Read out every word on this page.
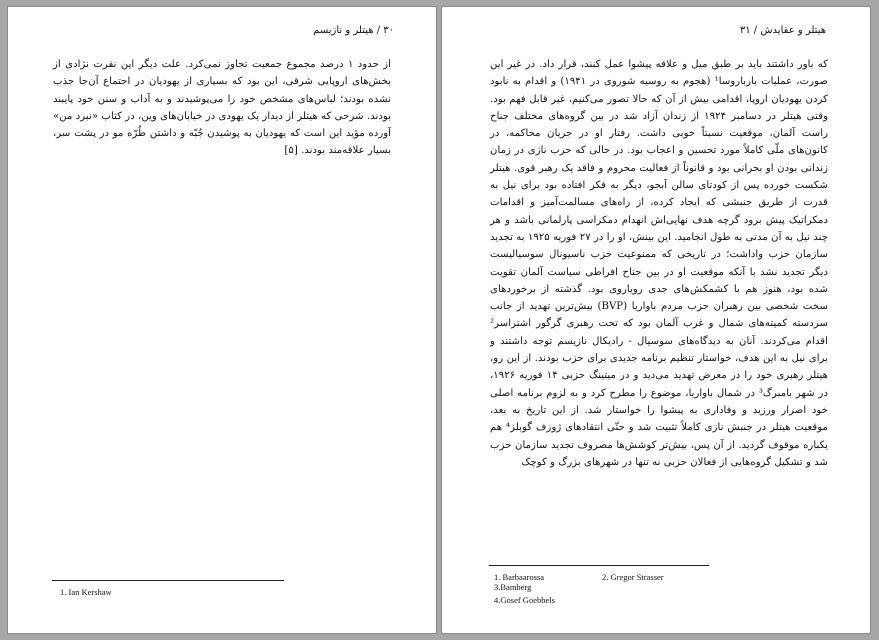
۳۰ / هیتلر و نازیسم

از حدود ۱ درصد مجموع جمعیت تجاوز نمی‌کرد. علت دیگر این نفرت نژادی از بخش‌های اروپایی شرقی، این بود که بسیاری از یهودیان در اجتماع آن‌جا جذب نشده بودند؛ لباس‌های مشخص خود را می‌پوشیدند و به آداب و سنن خود پایبند بودند. شرحی که هیتلر از دیدار یک یهودی در خیابان‌های وین، در کتاب «نبرد من» آورده مؤید این است که یهودیان به پوشیدن جُبّه و داشتن طُرّه مو در پشت سر، بسیار علاقه‌مند بودند. [۵]

1. Ian Kershaw
هیتلر و عقایدش / ۳۱

که باور داشتند باید بر طبق میل و علاقه پیشوا عمل کنند، قرار داد. در غیر این صورت، عملیات بارباروسا¹ (هجوم به روسیه شوروی در ۱۹۴۱) و اقدام به نابود کردن یهودیان اروپا، اقدامی بیش از آن که حالا تصور می‌کنیم، غیر قابل فهم بود. وقتی هیتلر در دسامبر ۱۹۲۴ از زندان آزاد شد در بین گروه‌های مختلف جناح راست آلمان، موقعیت نسبتاً خوبی داشت. رفتار او در جریان محاکمه، در کانون‌های ملّی کاملاً مورد تحسین و اعجاب بود. در حالی که حزب نازی در زمان زندانی بودن او بحرانی بود و قانوناً از فعالیت محروم و فاقد یک رهبر قوی. هیتلر شکست خورده پس از کودتای سالن آبجو، دیگر به فکر افتاده بود برای نیل به قدرت از طریق جنبشی که ایجاد کرده، از راه‌های مسالمت‌آمیز و اقدامات دمکراتیک پیش برود گرچه هدف نهایی‌اش انهدام دمکراسی پارلمانی باشد و هر چند نیل به آن مدتی به طول انجامید. این بینش، او را در ۲۷ فوریه ۱۹۲۵ به تجدید سازمان حزب واداشت؛ در تاریخی که ممنوعیت حزب ناسیونال سوسیالیست دیگر تجدید نشد با آنکه موقعیت او در بین جناح افراطی سیاست آلمان تقویت شده بود، هنوز هم با کشمکش‌های جدی رویاروی بود. گذشته از برخوردهای سخت شخصی بین رهبران حزب مردم باواریا (BVP) بیش‌ترین تهدید از جانب سردسته کمیته‌های شمال و غرب آلمان بود که تحت رهبری گرگور اشتراسر² اقدام می‌کردند. آنان به دیدگاه‌های سوسیال - رادیکال نازیسم توجه داشتند و برای نیل به این هدف، خواستار تنظیم برنامه جدیدی برای حزب بودند. از این رو، هیتلر رهبری خود را در معرض تهدید می‌دید و در میتینگ حزبی ۱۴ فوریه ۱۹۲۶، در شهر بامبرگ³ در شمال باواریا، موضوع را مطرح کرد و به لزوم برنامه اصلی خود اصرار ورزید و وفاداری به پیشوا را خواستار شد. از این تاریخ به بعد، موقعیت هیتلر در جنبش نازی کاملاً تثبیت شد و حتّی انتقادهای ژوزف گوبلز⁴ هم یکباره موقوف گردید. از آن پس، بیش‌تر کوشش‌ها مصروف تجدید سازمان حزب شد و تشکیل گروه‌هایی از فعالان حزبی نه تنها در شهرهای بزرگ و کوچک

1. Barbaarossa	2. Gregor Strasser3.Bamberg
4.Gosef Goebbels
